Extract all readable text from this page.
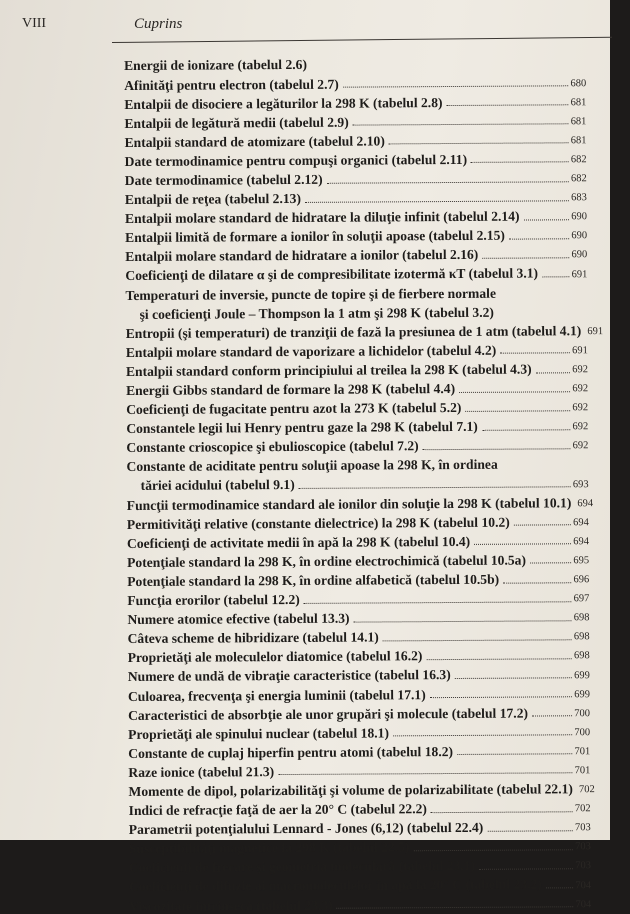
VIII	Cuprins
Energii de ionizare (tabelul 2.6)
Afinităţi pentru electron (tabelul 2.7)	680
Entalpii de disociere a legăturilor la 298 K (tabelul 2.8)	681
Entalpii de legătură medii (tabelul 2.9)	681
Entalpii standard de atomizare (tabelul 2.10)	681
Date termodinamice pentru compuşi organici (tabelul 2.11)	682
Date termodinamice (tabelul 2.12)	682
Entalpii de reţea (tabelul 2.13)	683
Entalpii molare standard de hidratare la diluţie infinit (tabelul 2.14)	690
Entalpii limită de formare a ionilor în soluţii apoase (tabelul 2.15)	690
Entalpii molare standard de hidratare a ionilor (tabelul 2.16)	690
Coeficienţi de dilatare α şi de compresibilitate izotermă κT (tabelul 3.1)	691
Temperaturi de inversie, puncte de topire şi de fierbere normale
şi coeficienţi Joule – Thompson la 1 atm şi 298 K (tabelul 3.2)
Entropii (şi temperaturi) de tranziţii de fază la presiunea de 1 atm (tabelul 4.1) 691
Entalpii molare standard de vaporizare a lichidelor (tabelul 4.2)	691
Entalpii standard conform principiului al treilea la 298 K (tabelul 4.3)	692
Energii Gibbs standard de formare la 298 K (tabelul 4.4)	692
Coeficienţi de fugacitate pentru azot la 273 K (tabelul 5.2)	692
Constantele legii lui Henry pentru gaze la 298 K (tabelul 7.1)	692
Constante crioscopice şi ebulioscopice (tabelul 7.2)	692
Constante de aciditate pentru soluţii apoase la 298 K, în ordinea
tăriei acidului (tabelul 9.1)	693
Funcţii termodinamice standard ale ionilor din soluţie la 298 K (tabelul 10.1) 694
Permitivităţi relative (constante dielectrice) la 298 K (tabelul 10.2)	694
Coeficienţi de activitate medii în apă la 298 K (tabelul 10.4)	694
Potenţiale standard la 298 K, în ordine electrochimică (tabelul 10.5a)	695
Potenţiale standard la 298 K, în ordine alfabetică (tabelul 10.5b)	696
Funcţia erorilor (tabelul 12.2)	697
Numere atomice efective (tabelul 13.3)	698
Câteva scheme de hibridizare (tabelul 14.1)	698
Proprietăţi ale moleculelor diatomice (tabelul 16.2)	698
Numere de undă de vibraţie caracteristice (tabelul 16.3)	699
Culoarea, frecvenţa şi energia luminii (tabelul 17.1)	699
Caracteristici de absorbţie ale unor grupări şi molecule (tabelul 17.2)	700
Proprietăţi ale spinului nuclear (tabelul 18.1)	700
Constante de cuplaj hiperfin pentru atomi (tabelul 18.2)	701
Raze ionice (tabelul 21.3)	701
Momente de dipol, polarizabilităţi şi volume de polarizabilitate (tabelul 22.1) 702
Indici de refracţie faţă de aer la 20° C (tabelul 22.2)	702
Parametrii potenţialului Lennard - Jones (6,12) (tabelul 22.4)	703
Susceptibilităţi magnetice la 298 K (tabelul 22.5)	703
Coeficienţi de frecare şi geometria moleculară (tabelul 23.1)	703
Coeficienţi de difuzie ai macromoleculelor în apă la 20° C (tabelul 23.2)	704
Viscozitate intrinsecă (tabelul 23.3)	704
